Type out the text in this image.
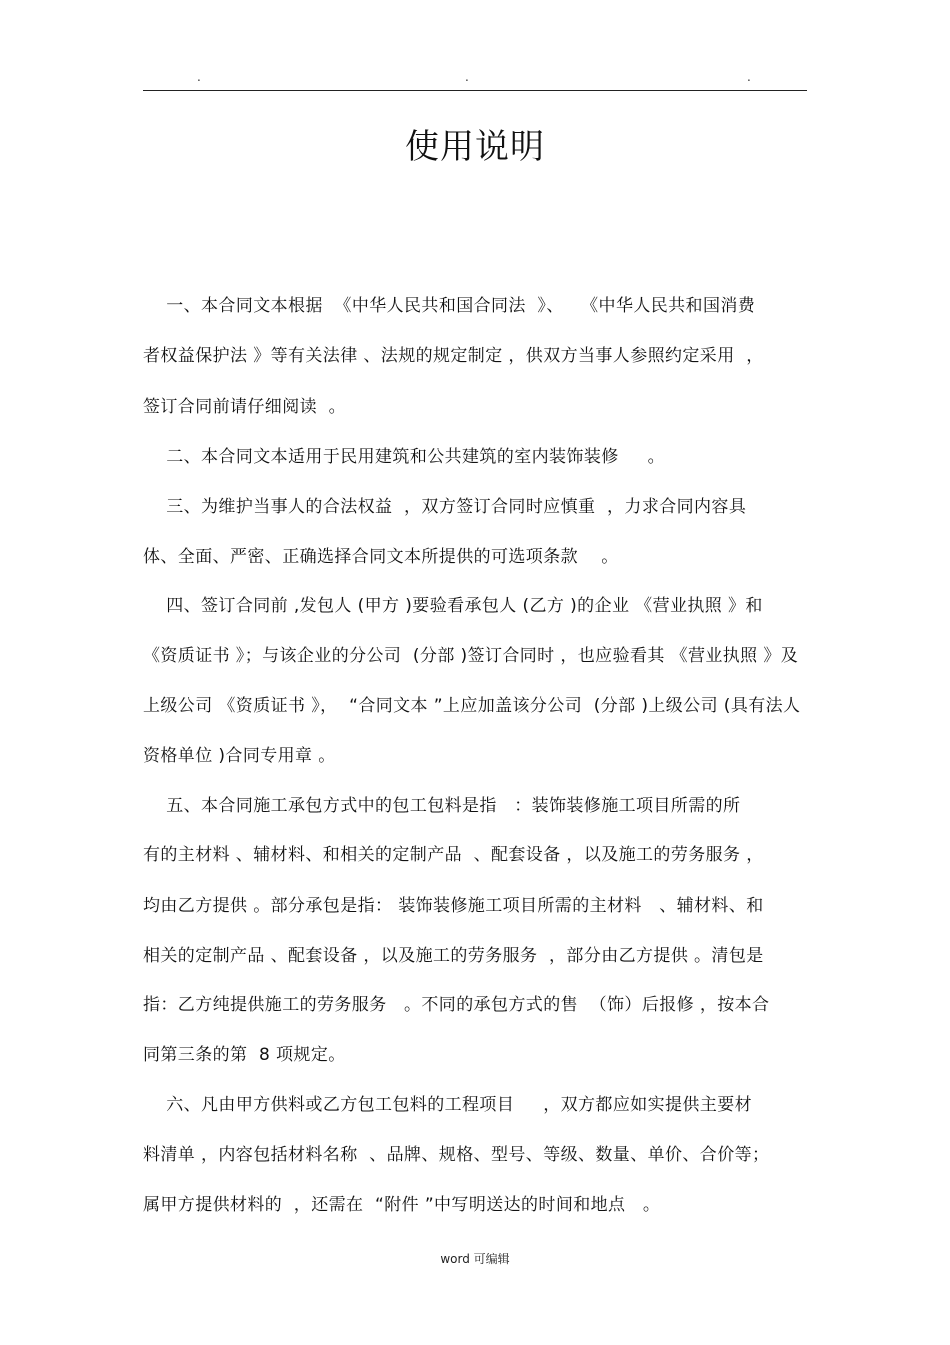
.	.	.
使用说明
一、本合同文本根据  《中华人民共和国合同法  》、   《中华人民共和国消费
者权益保护法 》等有关法律 、法规的规定制定 ，供双方当事人参照约定采用  ，
签订合同前请仔细阅读  。
二、本合同文本适用于民用建筑和公共建筑的室内装饰装修     。
三、为维护当事人的合法权益  ，双方签订合同时应慎重  ，力求合同内容具
体、全面、严密、正确选择合同文本所提供的可选项条款    。
四、签订合同前 ,发包人 (甲方 )要验看承包人 (乙方 )的企业 《营业执照 》和
《资质证书 》；与该企业的分公司  (分部 )签订合同时 ，也应验看其 《营业执照 》及
上级公司 《资质证书 》，  “合同文本 ”上应加盖该分公司  (分部 )上级公司 (具有法人
资格单位 )合同专用章 。
五、本合同施工承包方式中的包工包料是指   ：装饰装修施工项目所需的所
有的主材料 、辅材料、和相关的定制产品  、配套设备 ，以及施工的劳务服务 ，
均由乙方提供 。部分承包是指： 装饰装修施工项目所需的主材料   、辅材料、和
相关的定制产品 、配套设备 ，以及施工的劳务服务  ，部分由乙方提供 。清包是
指：乙方纯提供施工的劳务服务   。不同的承包方式的售  （饰）后报修 ，按本合
同第三条的第  8 项规定。
六、凡由甲方供料或乙方包工包料的工程项目     ，双方都应如实提供主要材
料清单 ，内容包括材料名称  、品牌、规格、型号、等级、数量、单价、合价等；
属甲方提供材料的  ，还需在  “附件 ”中写明送达的时间和地点   。
word 可编辑
